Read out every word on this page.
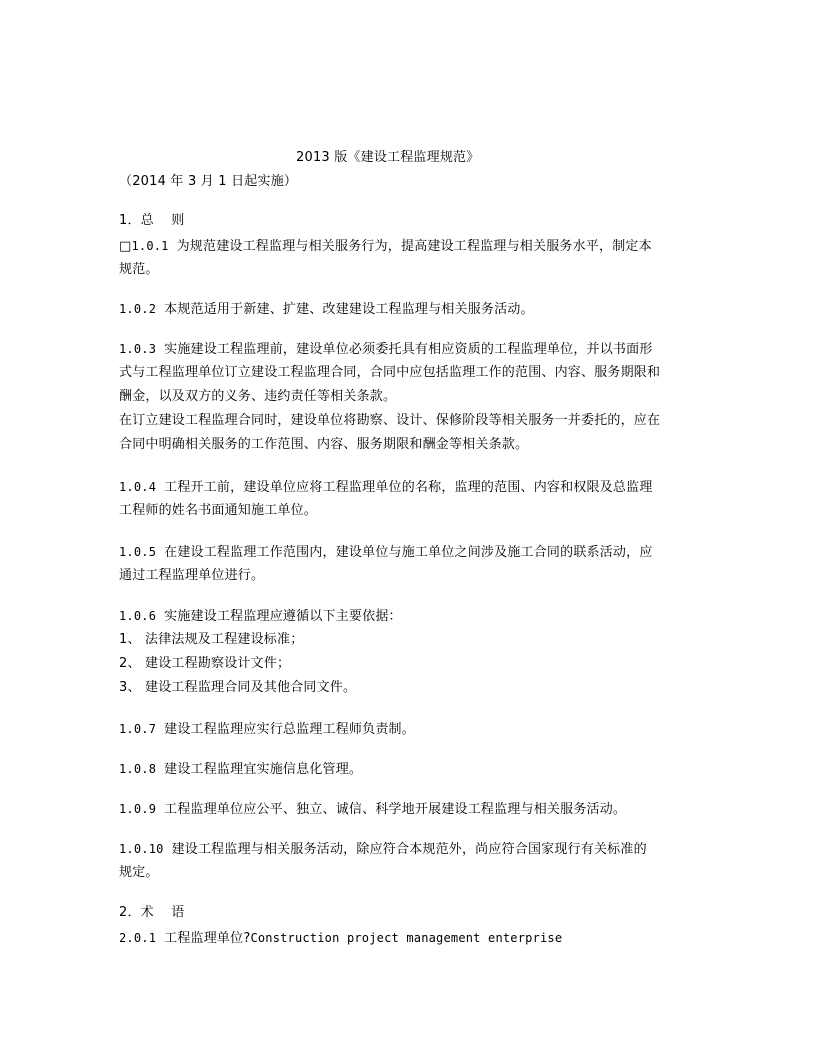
2013 版《建设工程监理规范》
（2014 年 3 月 1 日起实施）
1．总　 则
□1.0.1 为规范建设工程监理与相关服务行为，提高建设工程监理与相关服务水平，制定本
规范。
1.0.2 本规范适用于新建、扩建、改建建设工程监理与相关服务活动。
1.0.3 实施建设工程监理前，建设单位必须委托具有相应资质的工程监理单位，并以书面形
式与工程监理单位订立建设工程监理合同，合同中应包括监理工作的范围、内容、服务期限和
酬金，以及双方的义务、违约责任等相关条款。
在订立建设工程监理合同时，建设单位将勘察、设计、保修阶段等相关服务一并委托的，应在
合同中明确相关服务的工作范围、内容、服务期限和酬金等相关条款。
1.0.4 工程开工前，建设单位应将工程监理单位的名称，监理的范围、内容和权限及总监理
工程师的姓名书面通知施工单位。
1.0.5 在建设工程监理工作范围内，建设单位与施工单位之间涉及施工合同的联系活动，应
通过工程监理单位进行。
1.0.6 实施建设工程监理应遵循以下主要依据：
1、 法律法规及工程建设标准；
2、 建设工程勘察设计文件；
3、 建设工程监理合同及其他合同文件。
1.0.7 建设工程监理应实行总监理工程师负责制。
1.0.8 建设工程监理宜实施信息化管理。
1.0.9 工程监理单位应公平、独立、诚信、科学地开展建设工程监理与相关服务活动。
1.0.10 建设工程监理与相关服务活动，除应符合本规范外，尚应符合国家现行有关标准的
规定。
2．术　 语
2.0.1 工程监理单位?Construction project management enterprise
